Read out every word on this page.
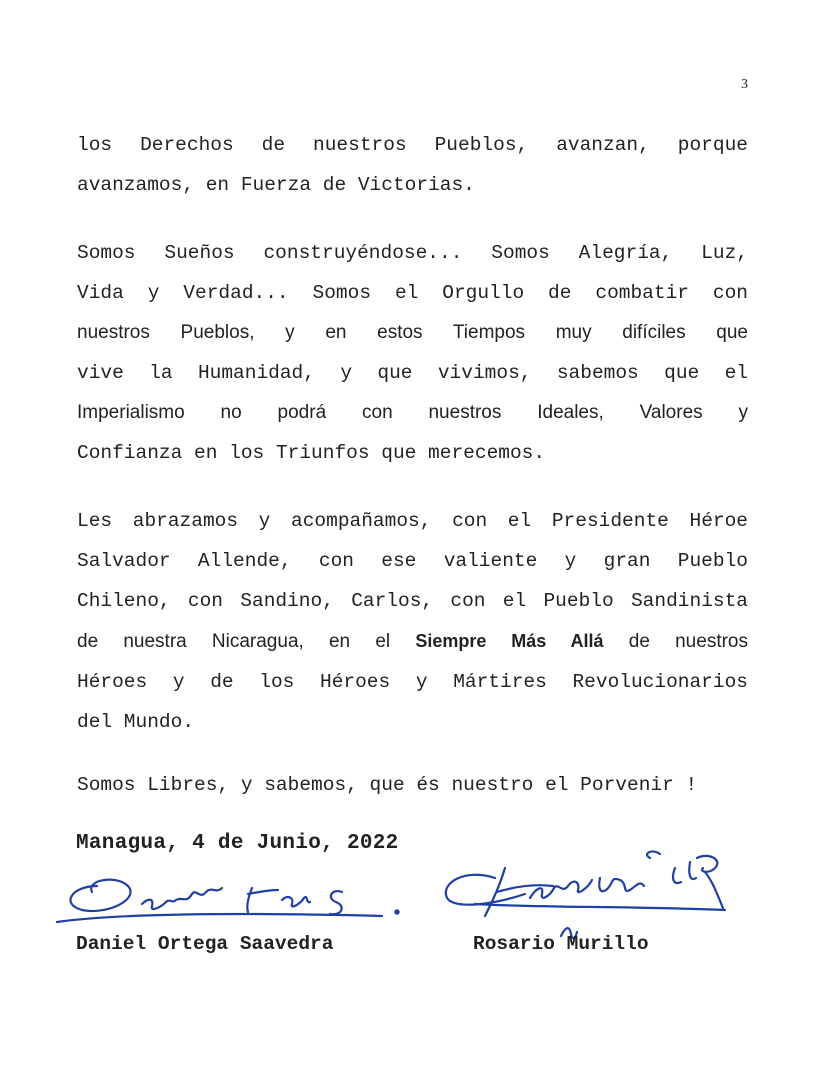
3
los Derechos de nuestros Pueblos, avanzan, porque
avanzamos, en Fuerza de Victorias.
Somos Sueños construyéndose... Somos Alegría, Luz,
Vida y Verdad... Somos el Orgullo de combatir con
nuestros Pueblos, y en estos Tiempos muy difíciles que
vive la Humanidad, y que vivimos, sabemos que el
Imperialismo no podrá con nuestros Ideales, Valores y
Confianza en los Triunfos que merecemos.
Les abrazamos y acompañamos, con el Presidente Héroe
Salvador Allende, con ese valiente y gran Pueblo
Chileno, con Sandino, Carlos, con el Pueblo Sandinista
de nuestra Nicaragua, en el Siempre Más Allá de nuestros
Héroes y de los Héroes y Mártires Revolucionarios
del Mundo.
Somos Libres, y sabemos, que és nuestro el Porvenir !
Managua, 4 de Junio, 2022
Daniel Ortega Saavedra	Rosario Murillo
